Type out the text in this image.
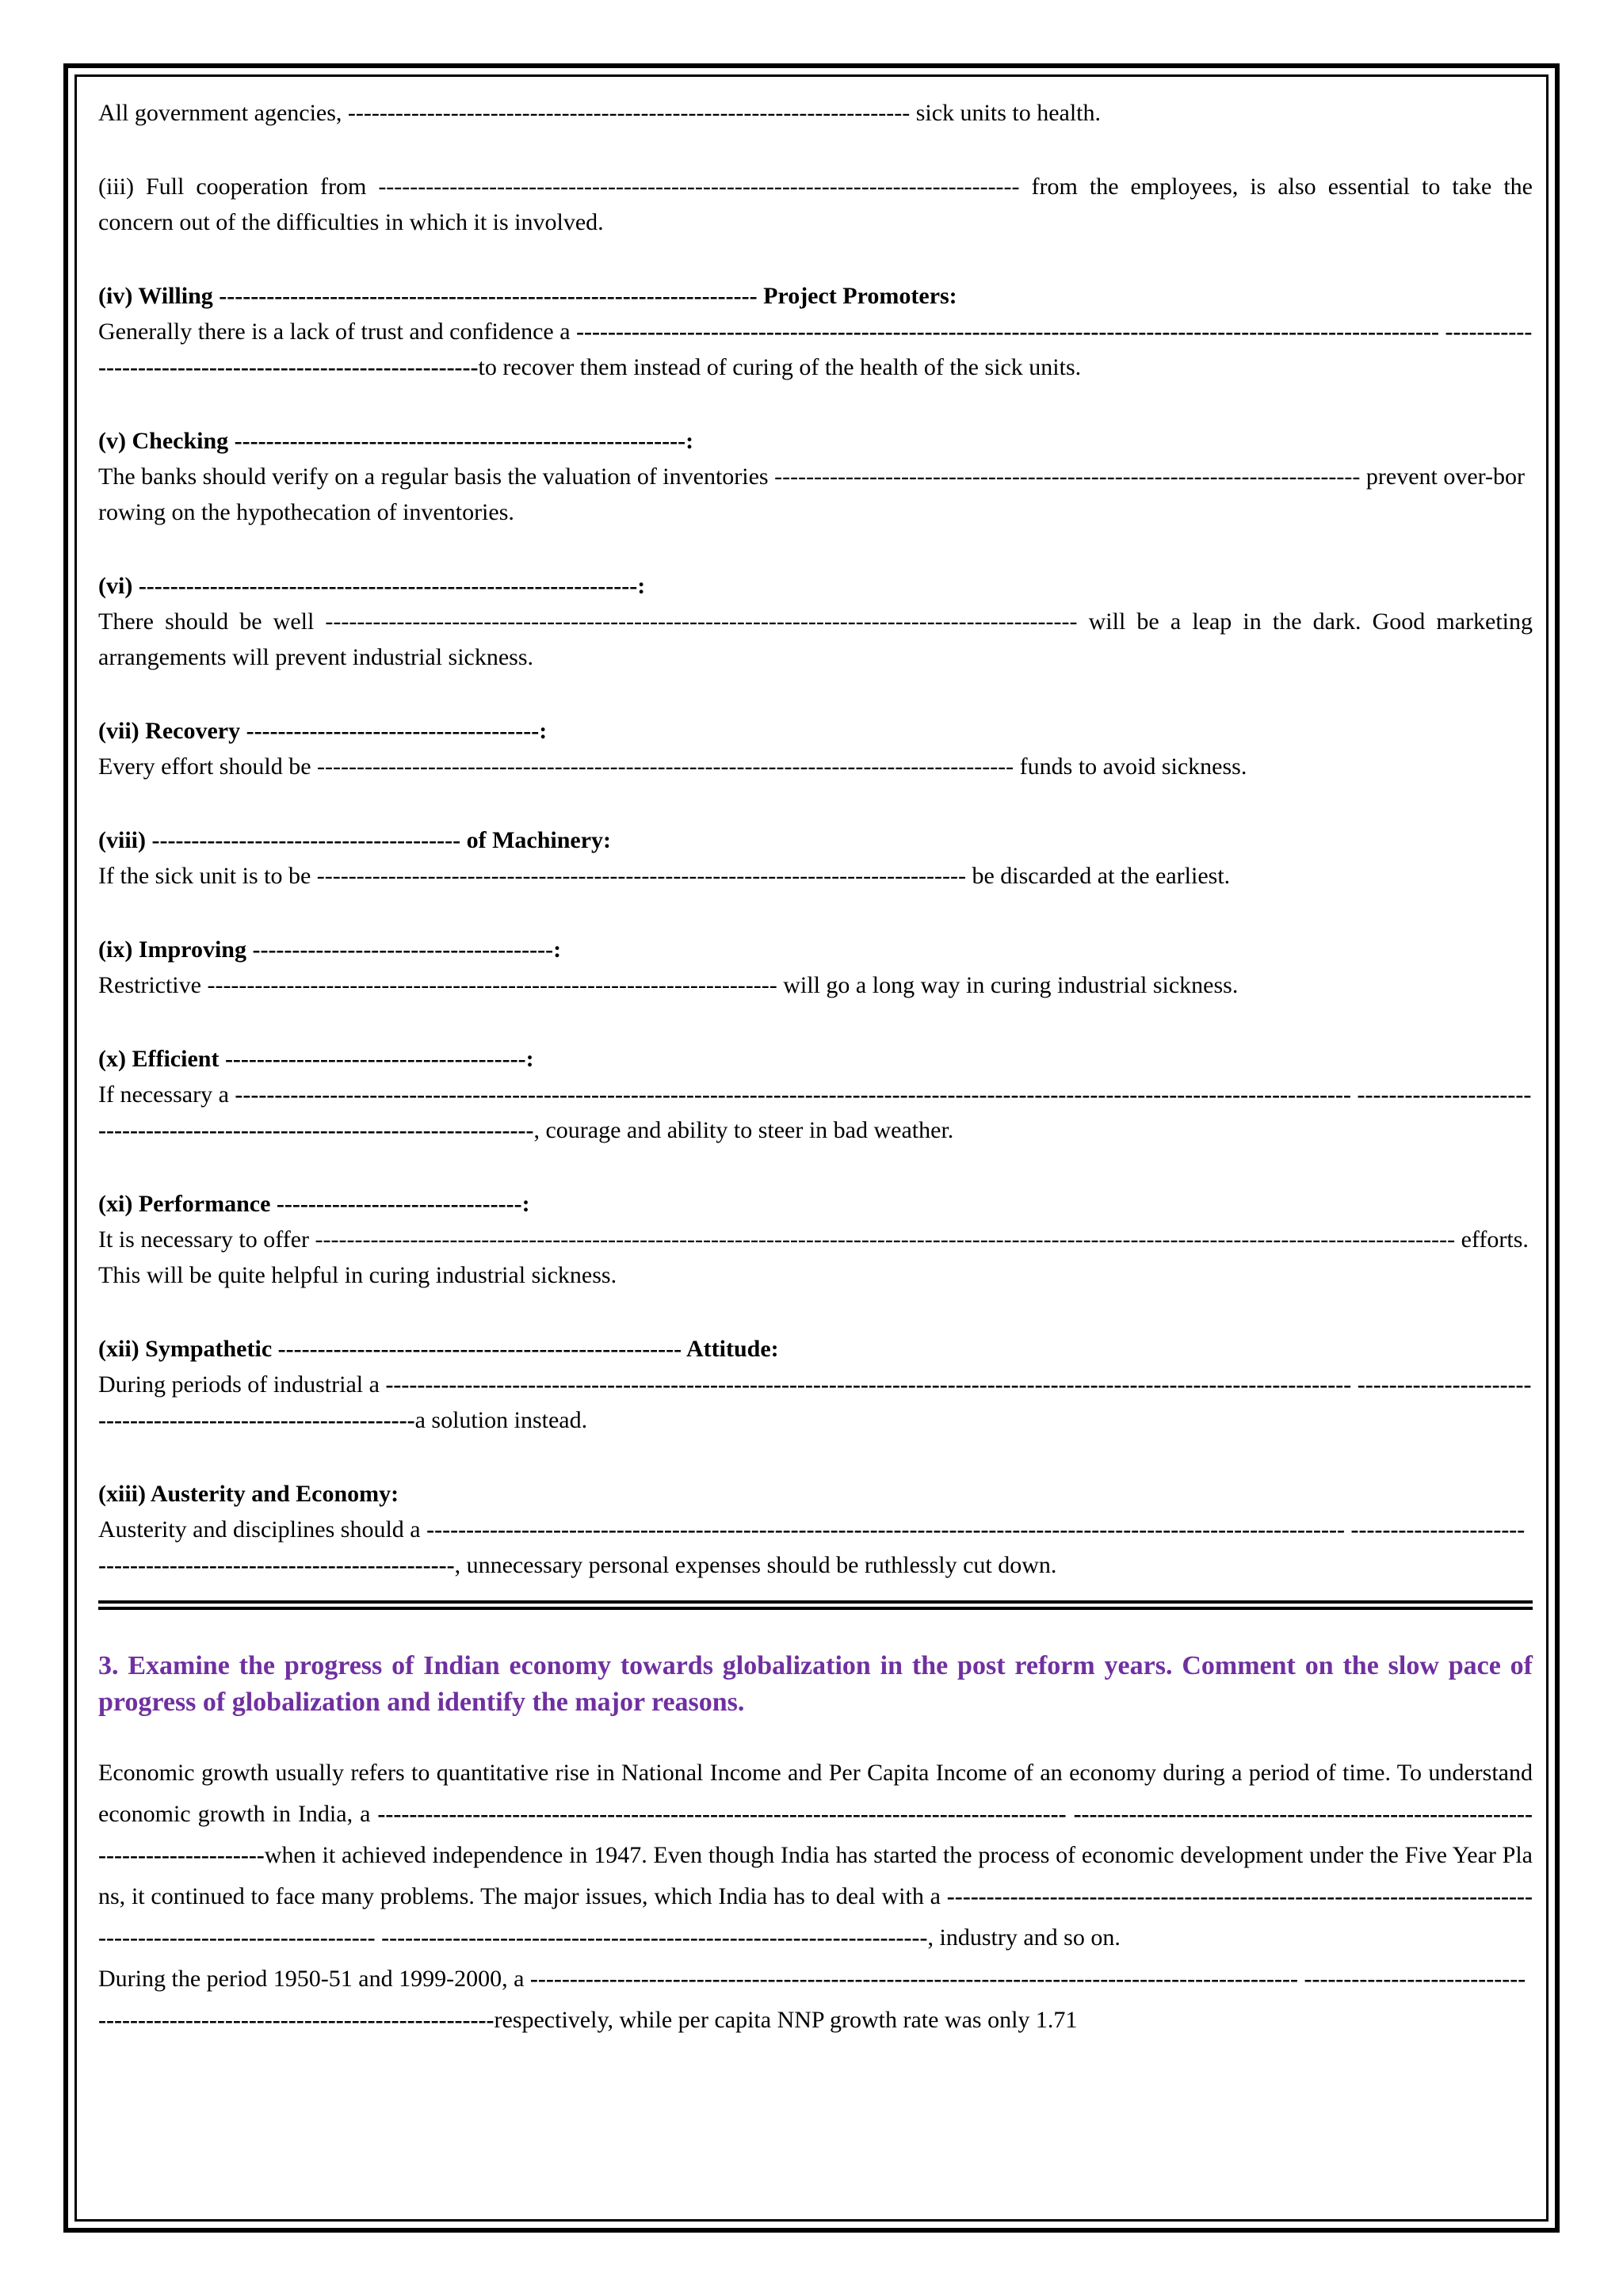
All government agencies, ----------------------------------------------------------------------- sick units to health.

(iii) Full cooperation from --------------------------------------------------------------------------------- from the employees, is also essential to take the concern out of the difficulties in which it is involved.

(iv) Willing -------------------------------------------------------------------- Project Promoters:

Generally there is a lack of trust and confidence a ------------------------------------------------------------------------------------------------------------- -----------------------------------------------------------to recover them instead of curing of the health of the sick units.

(v) Checking ---------------------------------------------------------:

The banks should verify on a regular basis the valuation of inventories -------------------------------------------------------------------------- prevent over-borrowing on the hypothecation of inventories.

(vi) ---------------------------------------------------------------:

There should be well ----------------------------------------------------------------------------------------------- will be a leap in the dark. Good marketing arrangements will prevent industrial sickness.

(vii) Recovery -------------------------------------:

Every effort should be ---------------------------------------------------------------------------------------- funds to avoid sickness.

(viii) --------------------------------------- of Machinery:

If the sick unit is to be ---------------------------------------------------------------------------------- be discarded at the earliest.

(ix) Improving --------------------------------------:

Restrictive ------------------------------------------------------------------------ will go a long way in curing industrial sickness.

(x) Efficient --------------------------------------:

If necessary a --------------------------------------------------------------------------------------------------------------------------------------------- -----------------------------------------------------------------------------, courage and ability to steer in bad weather.

(xi) Performance -------------------------------:

It is necessary to offer ------------------------------------------------------------------------------------------------------------------------------------------------ efforts. This will be quite helpful in curing industrial sickness.

(xii) Sympathetic --------------------------------------------------- Attitude:

During periods of industrial a -------------------------------------------------------------------------------------------------------------------------- --------------------------------------------------------------a solution instead.

(xiii) Austerity and Economy:

Austerity and disciplines should a -------------------------------------------------------------------------------------------------------------------- -------------------------------------------------------------------, unnecessary personal expenses should be ruthlessly cut down.

3. Examine the progress of Indian economy towards globalization in the post reform years. Comment on the slow pace of progress of globalization and identify the major reasons.

Economic growth usually refers to quantitative rise in National Income and Per Capita Income of an economy during a period of time. To understand economic growth in India, a --------------------------------------------------------------------------------------- -------------------------------------------------------------------------------when it achieved independence in 1947. Even though India has started the process of economic development under the Five Year Plans, it continued to face many problems. The major issues, which India has to deal with a ------------------------------------------------------------------------------------------------------------- ---------------------------------------------------------------------, industry and so on.

During the period 1950-51 and 1999-2000, a ------------------------------------------------------------------------------------------------- ------------------------------------------------------------------------------respectively, while per capita NNP growth rate was only 1.71
